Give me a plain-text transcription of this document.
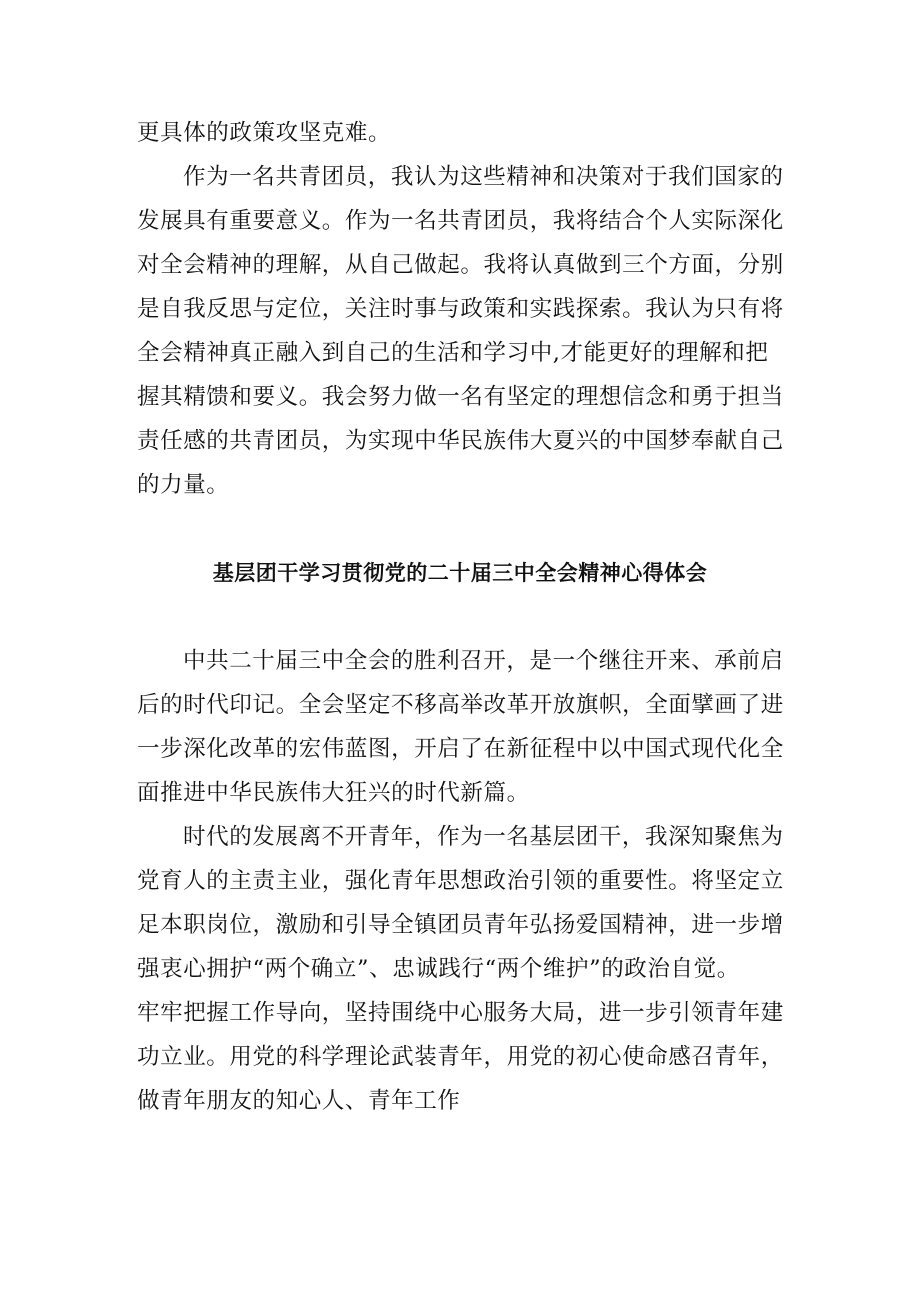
更具体的政策攻坚克难。
作为一名共青团员，我认为这些精神和决策对于我们国家的
发展具有重要意义。作为一名共青团员，我将结合个人实际深化
对全会精神的理解，从自己做起。我将认真做到三个方面，分别
是自我反思与定位，关注时事与政策和实践探索。我认为只有将
全会精神真正融入到自己的生活和学习中,才能更好的理解和把
握其精馈和要义。我会努力做一名有坚定的理想信念和勇于担当
责任感的共青团员，为实现中华民族伟大夏兴的中国梦奉献自己
的力量。
基层团干学习贯彻党的二十届三中全会精神心得体会
中共二十届三中全会的胜利召开，是一个继往开来、承前启
后的时代印记。全会坚定不移高举改革开放旗帜，全面擘画了进
一步深化改革的宏伟蓝图，开启了在新征程中以中国式现代化全
面推进中华民族伟大狂兴的时代新篇。
时代的发展离不开青年，作为一名基层团干，我深知聚焦为
党育人的主责主业，强化青年思想政治引领的重要性。将坚定立
足本职岗位，激励和引导全镇团员青年弘扬爱国精神，进一步增
强衷心拥护“两个确立”、忠诚践行“两个维护”的政治自觉。
牢牢把握工作导向，坚持围绕中心服务大局，进一步引领青年建
功立业。用党的科学理论武装青年，用党的初心使命感召青年，
做青年朋友的知心人、青年工作
